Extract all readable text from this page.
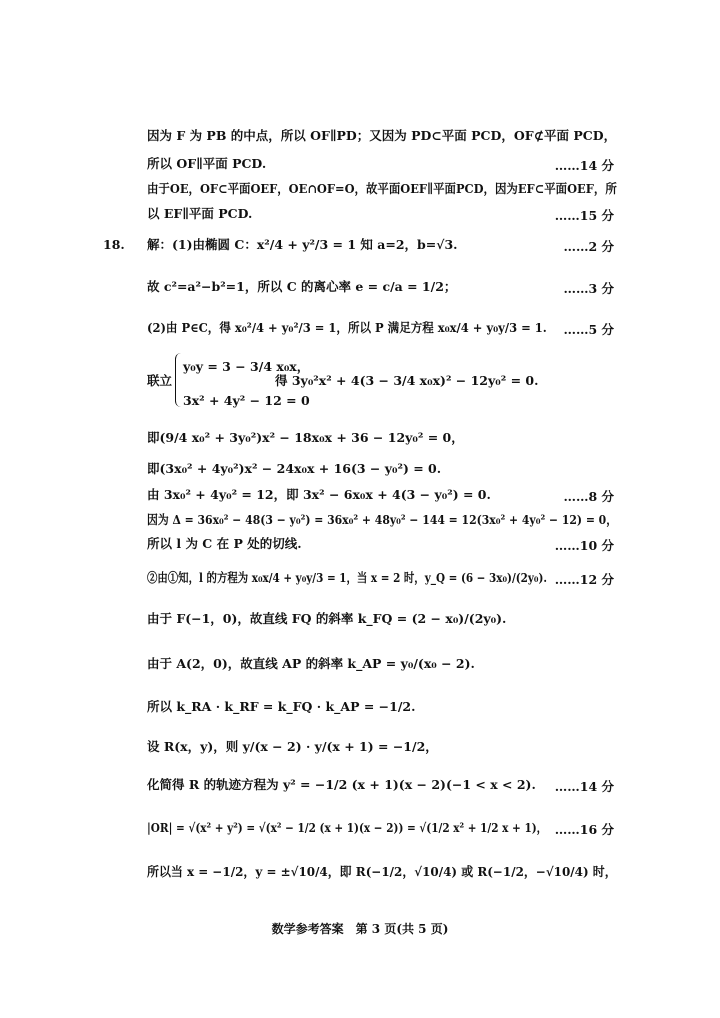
因为 F 为 PB 的中点，所以 OF∥PD；又因为 PD⊂平面 PCD，OF⊄平面 PCD，
所以 OF∥平面 PCD.	……14 分
由于OE，OF⊂平面OEF，OE∩OF=O，故平面OEF∥平面PCD，因为EF⊂平面OEF，所
以 EF∥平面 PCD.	……15 分
18. 解：(1)由椭圆 C：x²/4 + y²/3 = 1 知 a=2，b=√3.	……2 分
故 c²=a²−b²=1，所以 C 的离心率 e = c/a = 1/2；	……3 分
(2)由 P∈C，得 x₀²/4 + y₀²/3 = 1，所以 P 满足方程 x₀x/4 + y₀y/3 = 1.	……5 分
联立
y₀y = 3 − 3/4 x₀x，
3x² + 4y² − 12 = 0
得 3y₀²x² + 4(3 − 3/4 x₀x)² − 12y₀² = 0.
即(9/4 x₀² + 3y₀²)x² − 18x₀x + 36 − 12y₀² = 0，
即(3x₀² + 4y₀²)x² − 24x₀x + 16(3 − y₀²) = 0.
由 3x₀² + 4y₀² = 12，即 3x² − 6x₀x + 4(3 − y₀²) = 0.	……8 分
因为 Δ = 36x₀² − 48(3 − y₀²) = 36x₀² + 48y₀² − 144 = 12(3x₀² + 4y₀² − 12) = 0，
所以 l 为 C 在 P 处的切线.	……10 分
②由①知，l 的方程为 x₀x/4 + y₀y/3 = 1，当 x = 2 时，y_Q = (6 − 3x₀)/(2y₀). ……12 分
由于 F(−1，0)，故直线 FQ 的斜率 k_FQ = (2 − x₀)/(2y₀).
由于 A(2，0)，故直线 AP 的斜率 k_AP = y₀/(x₀ − 2).
所以 k_RA · k_RF = k_FQ · k_AP = −1/2.
设 R(x，y)，则 y/(x − 2) · y/(x + 1) = −1/2，
化简得 R 的轨迹方程为 y² = −1/2 (x + 1)(x − 2)(−1 < x < 2).	……14 分
|OR| = √(x² + y²) = √(x² − 1/2 (x + 1)(x − 2)) = √(1/2 x² + 1/2 x + 1)， ……16 分
所以当 x = −1/2，y = ±√10/4，即 R(−1/2，√10/4) 或 R(−1/2，−√10/4) 时，
数学参考答案　第 3 页(共 5 页)
